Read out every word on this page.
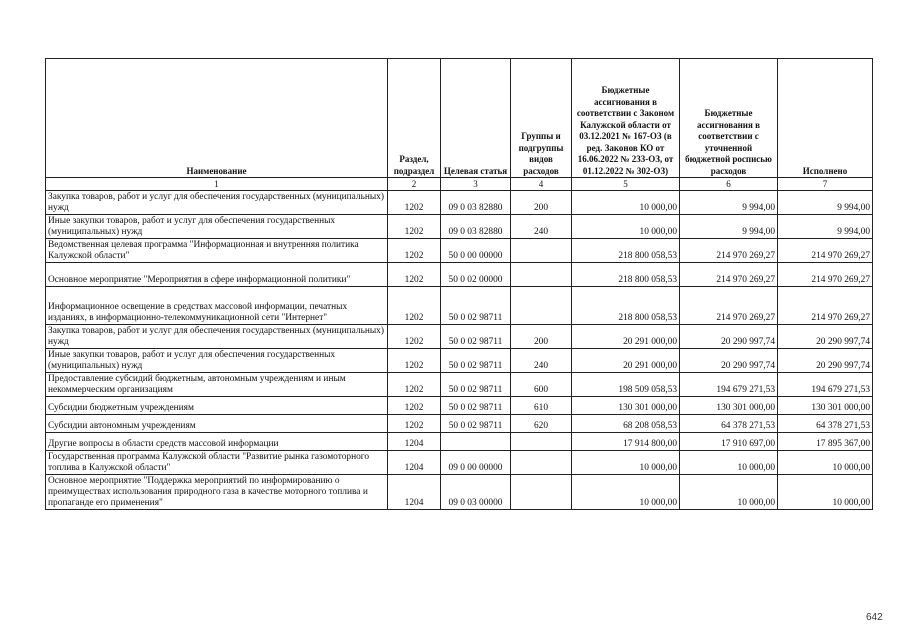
Наименование	Раздел, подраздел	Целевая статья	Группы и подгруппы видов расходов	Бюджетные ассигнования в соответствии с Законом Калужской области от 03.12.2021 № 167-ОЗ (в ред. Законов КО от 16.06.2022 № 233-ОЗ, от 01.12.2022 № 302-ОЗ)	Бюджетные ассигнования в соответствии с уточненной бюджетной росписью расходов	Исполнено
1	2	3	4	5	6	7
Закупка товаров, работ и услуг для обеспечения государственных (муниципальных) нужд	1202	09 0 03 82880	200	10 000,00	9 994,00	9 994,00
Иные закупки товаров, работ и услуг для обеспечения государственных (муниципальных) нужд	1202	09 0 03 82880	240	10 000,00	9 994,00	9 994,00
Ведомственная целевая программа "Информационная и внутренняя политика Калужской области"	1202	50 0 00 00000		218 800 058,53	214 970 269,27	214 970 269,27
Основное мероприятие "Мероприятия в сфере информационной политики"	1202	50 0 02 00000		218 800 058,53	214 970 269,27	214 970 269,27
Информационное освещение в средствах массовой информации, печатных изданиях, в информационно-телекоммуникационной сети "Интернет"	1202	50 0 02 98711		218 800 058,53	214 970 269,27	214 970 269,27
Закупка товаров, работ и услуг для обеспечения государственных (муниципальных) нужд	1202	50 0 02 98711	200	20 291 000,00	20 290 997,74	20 290 997,74
Иные закупки товаров, работ и услуг для обеспечения государственных (муниципальных) нужд	1202	50 0 02 98711	240	20 291 000,00	20 290 997,74	20 290 997,74
Предоставление субсидий бюджетным, автономным учреждениям и иным некоммерческим организациям	1202	50 0 02 98711	600	198 509 058,53	194 679 271,53	194 679 271,53
Субсидии бюджетным учреждениям	1202	50 0 02 98711	610	130 301 000,00	130 301 000,00	130 301 000,00
Субсидии автономным учреждениям	1202	50 0 02 98711	620	68 208 058,53	64 378 271,53	64 378 271,53
Другие вопросы в области средств массовой информации	1204			17 914 800,00	17 910 697,00	17 895 367,00
Государственная программа Калужской области "Развитие рынка газомоторного топлива в Калужской области"	1204	09 0 00 00000		10 000,00	10 000,00	10 000,00
Основное мероприятие "Поддержка мероприятий по информированию о преимуществах использования природного газа в качестве моторного топлива и пропаганде его применения"	1204	09 0 03 00000		10 000,00	10 000,00	10 000,00
642
